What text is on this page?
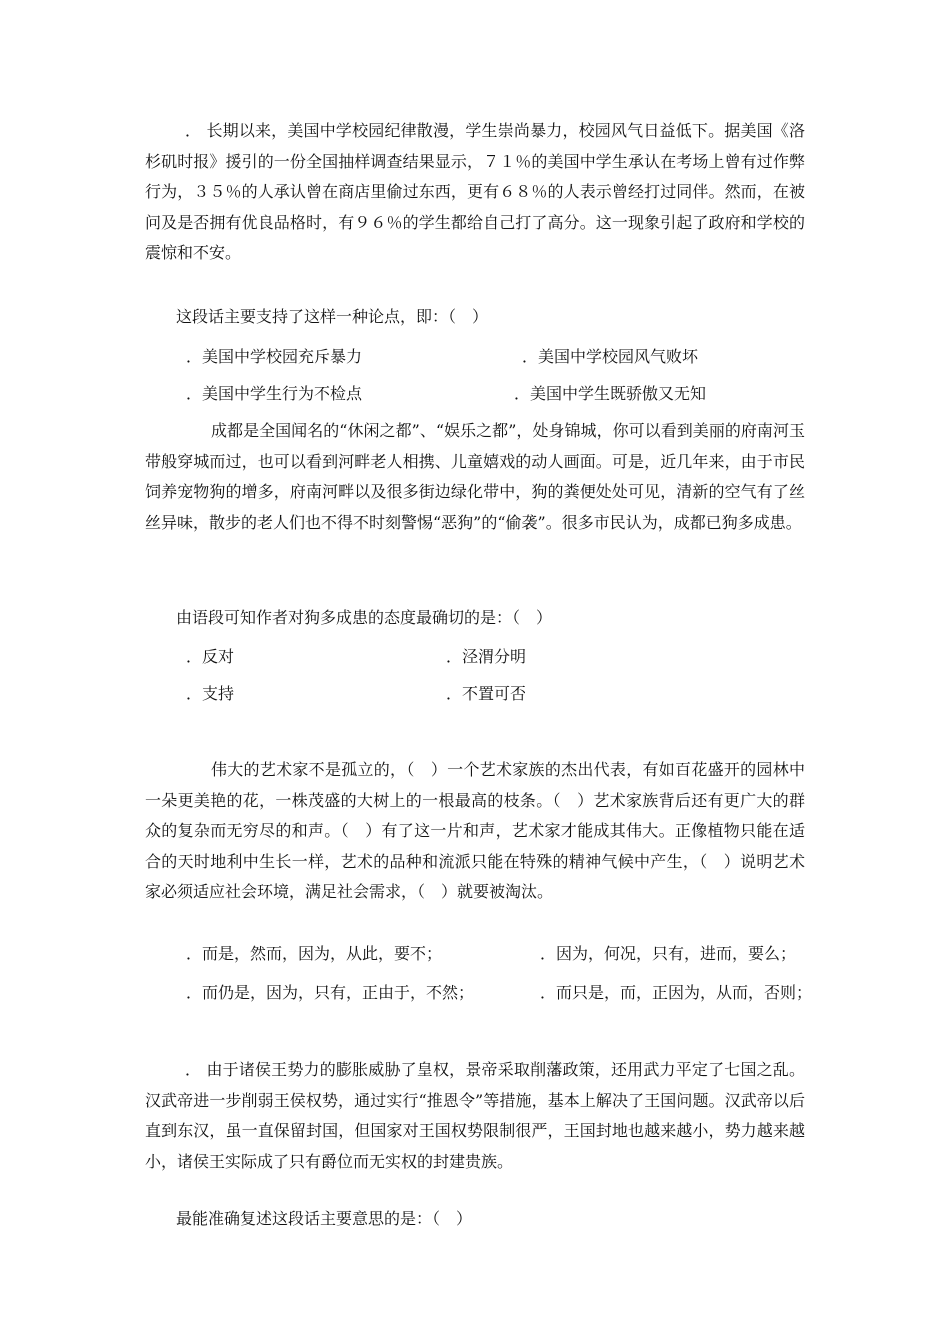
． 长期以来，美国中学校园纪律散漫，学生崇尚暴力，校园风气日益低下。据美国《洛杉矶时报》援引的一份全国抽样调查结果显示，７１％的美国中学生承认在考场上曾有过作弊行为，３５％的人承认曾在商店里偷过东西，更有６８％的人表示曾经打过同伴。然而，在被问及是否拥有优良品格时，有９６％的学生都给自己打了高分。这一现象引起了政府和学校的震惊和不安。

这段话主要支持了这样一种论点，即：（　）
．美国中学校园充斥暴力	．美国中学校园风气败坏
．美国中学生行为不检点	．美国中学生既骄傲又无知

成都是全国闻名的“休闲之都”、“娱乐之都”，处身锦城，你可以看到美丽的府南河玉带般穿城而过，也可以看到河畔老人相携、儿童嬉戏的动人画面。可是，近几年来，由于市民饲养宠物狗的增多，府南河畔以及很多街边绿化带中，狗的粪便处处可见，清新的空气有了丝丝异味，散步的老人们也不得不时刻警惕“恶狗”的“偷袭”。很多市民认为，成都已狗多成患。

由语段可知作者对狗多成患的态度最确切的是：（　）
．反对	．泾渭分明
．支持	．不置可否

伟大的艺术家不是孤立的，（　）一个艺术家族的杰出代表，有如百花盛开的园林中一朵更美艳的花，一株茂盛的大树上的一根最高的枝条。（　）艺术家族背后还有更广大的群众的复杂而无穷尽的和声。（　）有了这一片和声，艺术家才能成其伟大。正像植物只能在适合的天时地利中生长一样，艺术的品种和流派只能在特殊的精神气候中产生，（　）说明艺术家必须适应社会环境，满足社会需求，（　）就要被淘汰。

．而是，然而，因为，从此，要不；	．因为，何况，只有，进而，要么；
．而仍是，因为，只有，正由于，不然；	．而只是，而，正因为，从而，否则；

． 由于诸侯王势力的膨胀威胁了皇权，景帝采取削藩政策，还用武力平定了七国之乱。汉武帝进一步削弱王侯权势，通过实行“推恩令”等措施，基本上解决了王国问题。汉武帝以后直到东汉，虽一直保留封国，但国家对王国权势限制很严，王国封地也越来越小，势力越来越小，诸侯王实际成了只有爵位而无实权的封建贵族。

最能准确复述这段话主要意思的是：（　）
